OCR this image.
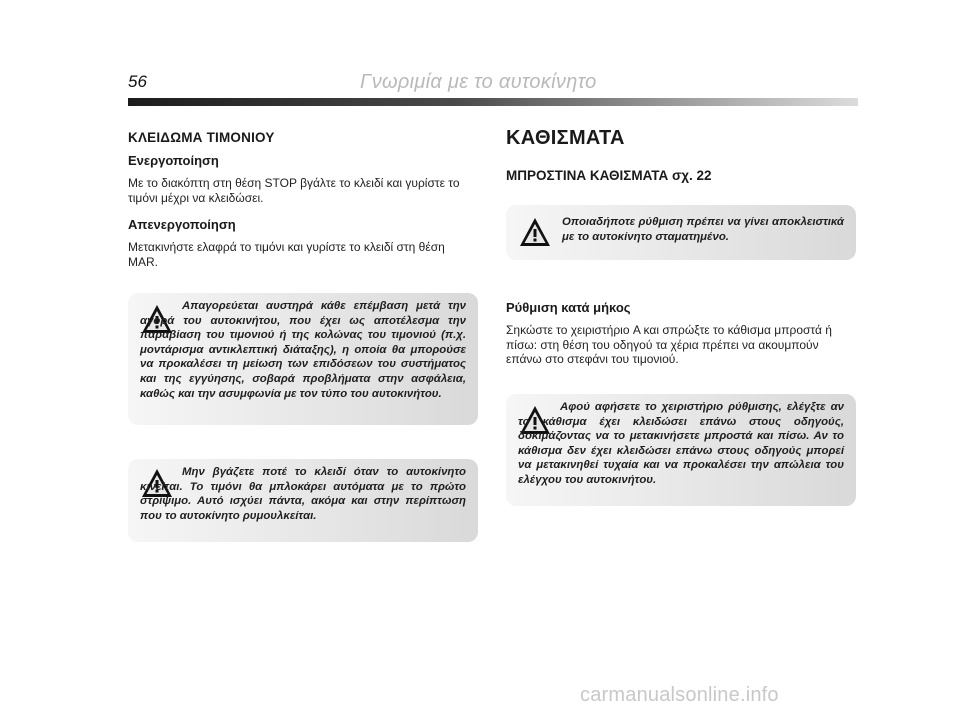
56	Γνωριμία με το αυτοκίνητο
ΚΛΕΙΔΩΜΑ ΤΙΜΟΝΙΟΥ
Ενεργοποίηση

Με το διακόπτη στη θέση STOP βγάλτε το κλειδί και γυρίστε το τιμόνι μέχρι να κλειδώσει.

Απενεργοποίηση

Μετακινήστε ελαφρά το τιμόνι και γυρίστε το κλειδί στη θέση MAR.

Απαγορεύεται αυστηρά κάθε επέμβαση μετά την αγορά του αυτοκινήτου, που έχει ως αποτέλεσμα την παραβίαση του τιμονιού ή της κολώνας του τιμονιού (π.χ. μοντάρισμα αντικλεπτική διάταξης), η οποία θα μπορούσε να προκαλέσει τη μείωση των επιδόσεων του συστήματος και της εγγύησης, σοβαρά προβλήματα στην ασφάλεια, καθώς και την ασυμφωνία με τον τύπο του αυτοκινήτου.
Μην βγάζετε ποτέ το κλειδί όταν το αυτοκίνητο κινείται. Το τιμόνι θα μπλοκάρει αυτόματα με το πρώτο στρίψιμο. Αυτό ισχύει πάντα, ακόμα και στην περίπτωση που το αυτοκίνητο ρυμουλκείται.
ΚΑΘΙΣΜΑΤΑ
ΜΠΡΟΣΤΙΝΑ ΚΑΘΙΣΜΑΤΑ σχ. 22
Οποιαδήποτε ρύθμιση πρέπει να γίνει αποκλειστικά με το αυτοκίνητο σταματημένο.
Ρύθμιση κατά μήκος

Σηκώστε το χειριστήριο A και σπρώξτε το κάθισμα μπροστά ή πίσω: στη θέση του οδηγού τα χέρια πρέπει να ακουμπούν επάνω στο στεφάνι του τιμονιού.

Αφού αφήσετε το χειριστήριο ρύθμισης, ελέγξτε αν το κάθισμα έχει κλειδώσει επάνω στους οδηγούς, δοκιμάζοντας να το μετακινήσετε μπροστά και πίσω. Αν το κάθισμα δεν έχει κλειδώσει επάνω στους οδηγούς μπορεί να μετακινηθεί τυχαία και να προκαλέσει την απώλεια του ελέγχου του αυτοκινήτου.
carmanualsonline.info
